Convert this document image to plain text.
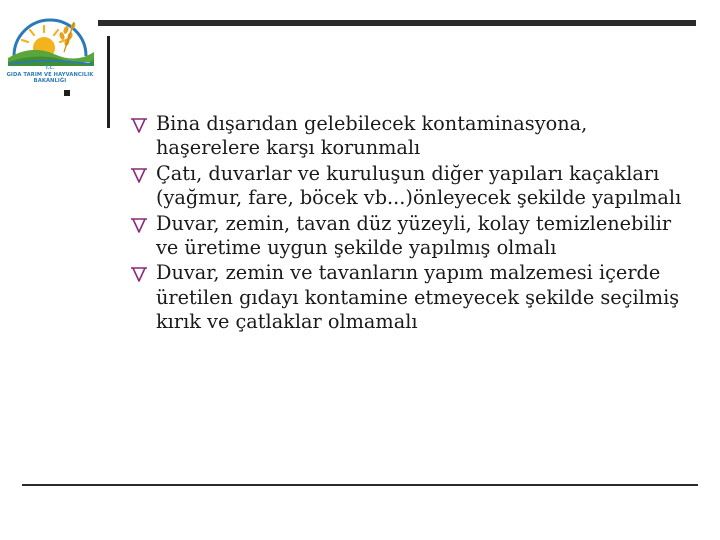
T.C.
GIDA TARIM VE HAYVANCILIK
BAKANLIĞI
Bina dışarıdan gelebilecek kontaminasyona, haşerelere karşı korunmalı
Çatı, duvarlar ve kuruluşun diğer yapıları kaçakları (yağmur, fare, böcek vb...)önleyecek şekilde yapılmalı
Duvar, zemin, tavan düz yüzeyli, kolay temizlenebilir ve üretime uygun şekilde yapılmış olmalı
Duvar, zemin ve tavanların yapım malzemesi içerde üretilen gıdayı kontamine etmeyecek şekilde seçilmiş kırık ve çatlaklar olmamalı
